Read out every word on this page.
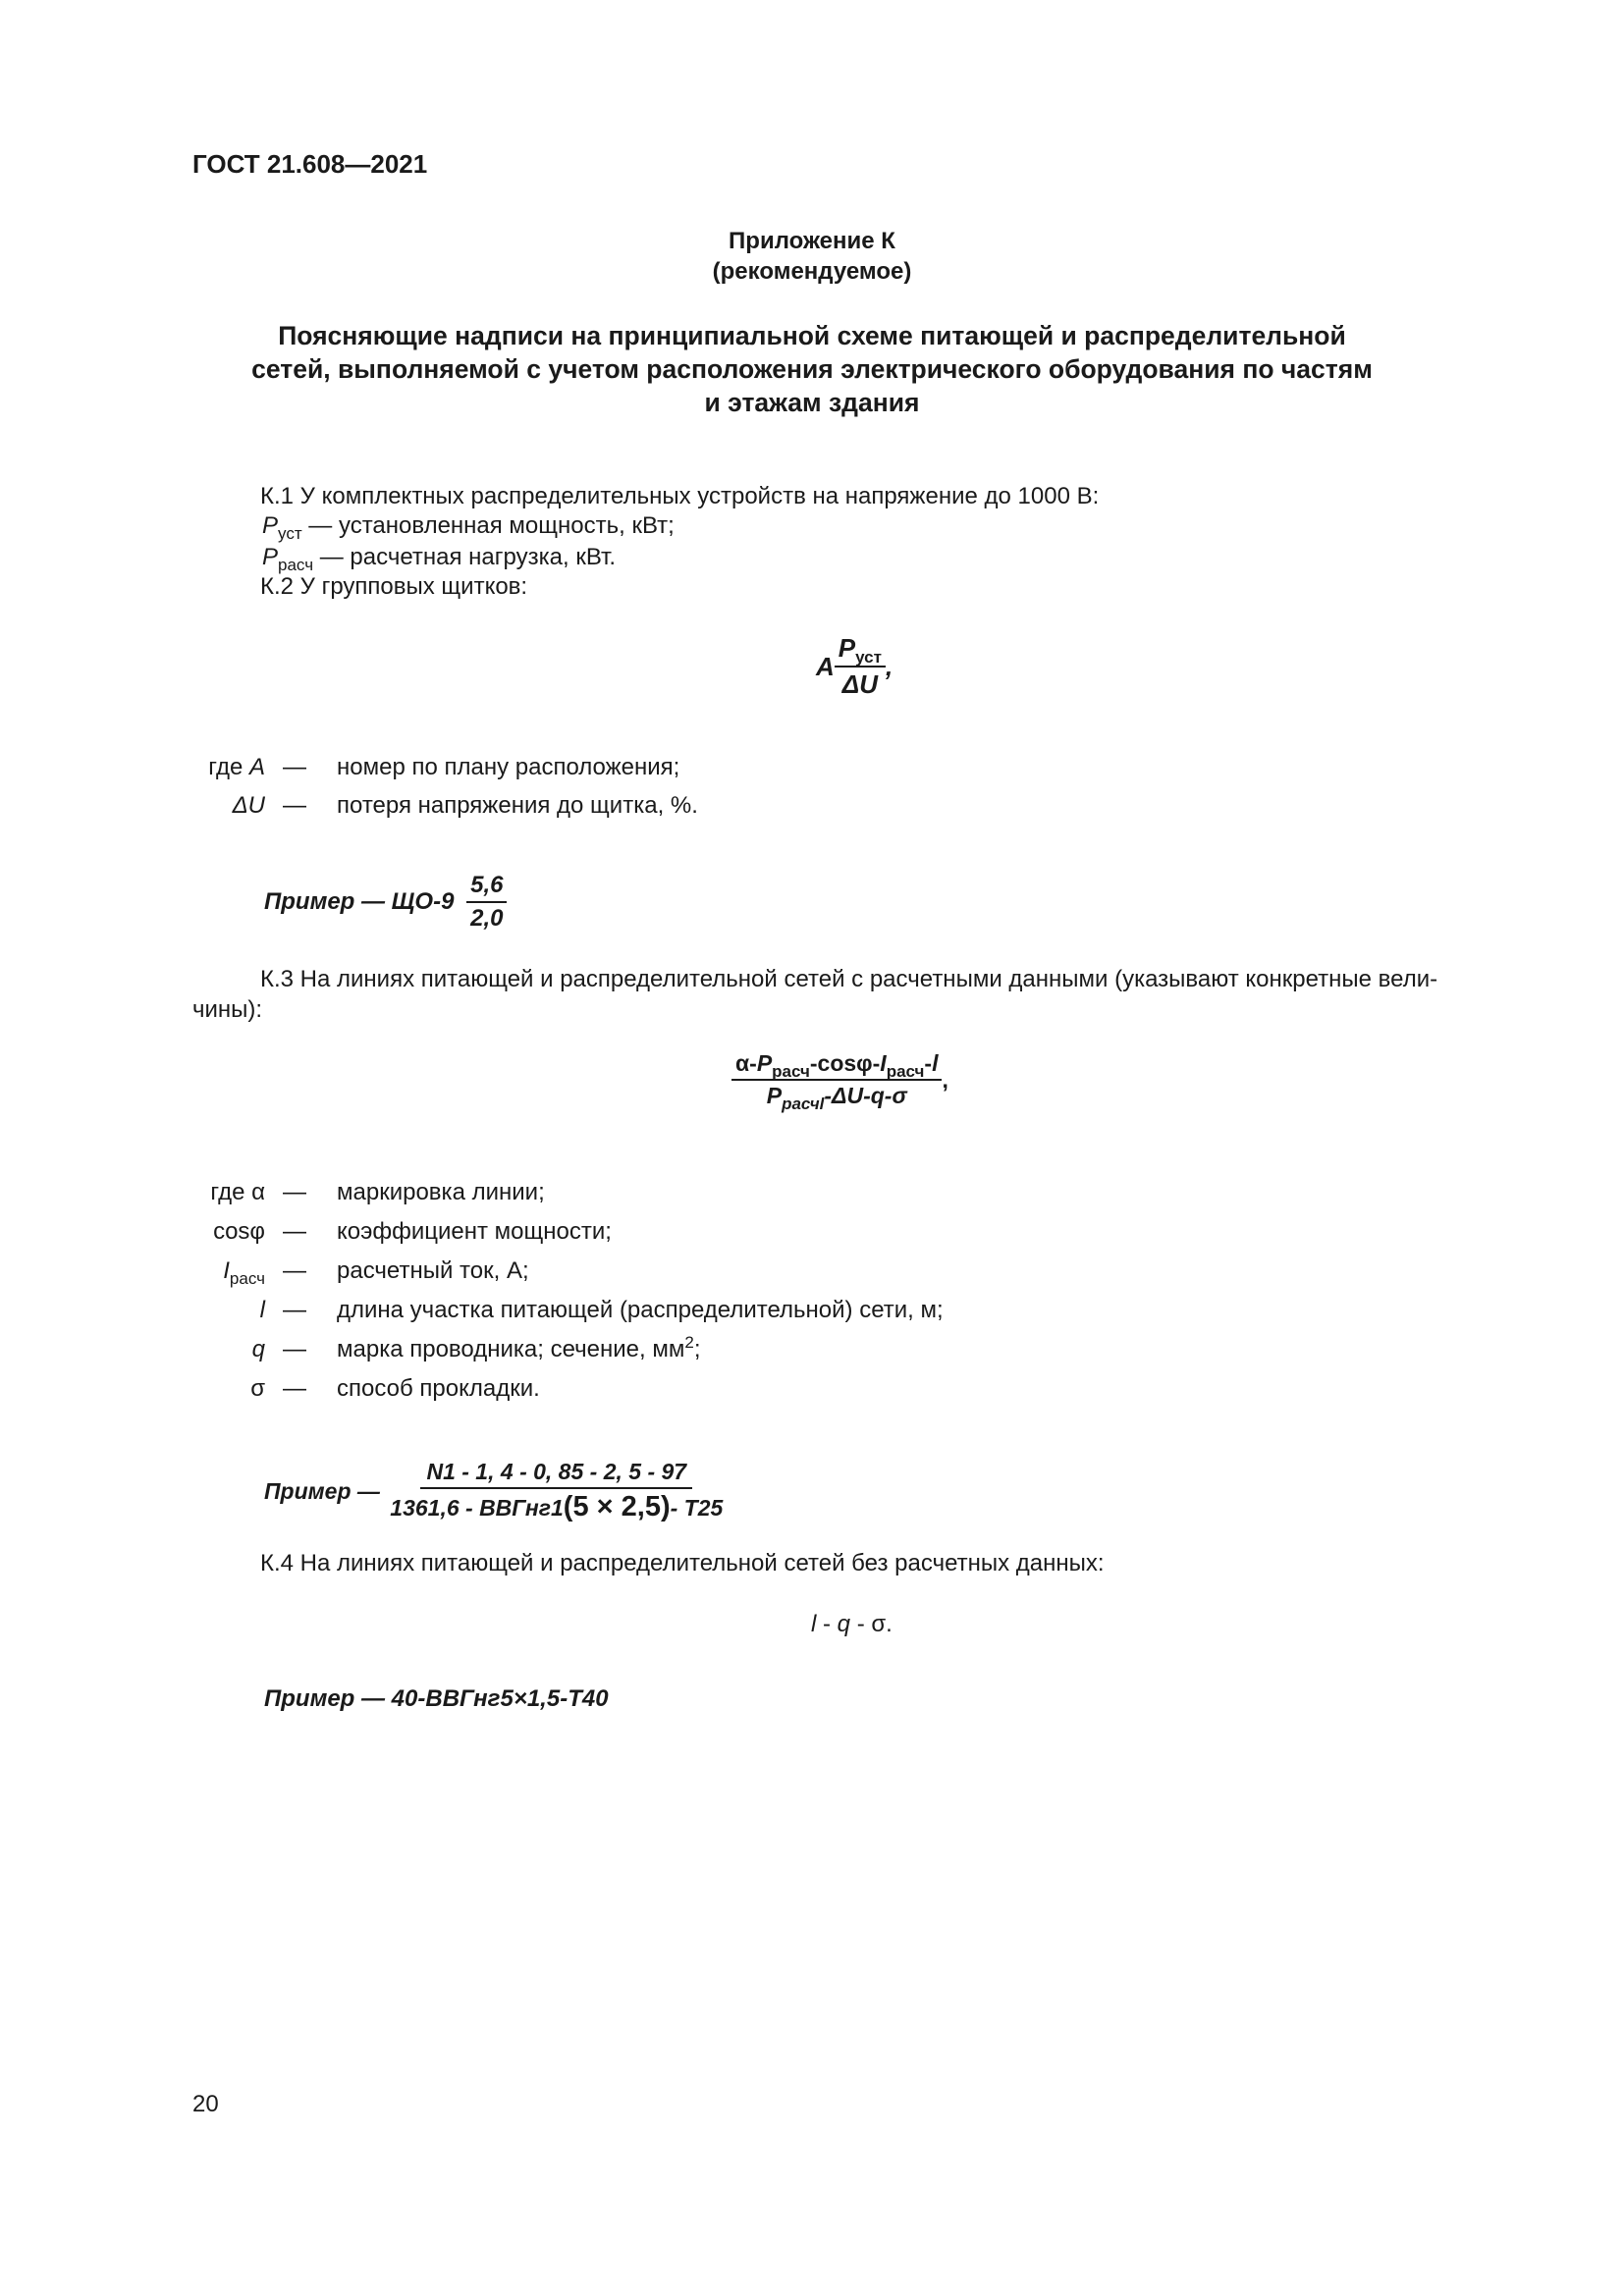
ГОСТ 21.608—2021
Приложение К
(рекомендуемое)
Поясняющие надписи на принципиальной схеме питающей и распределительной
сетей, выполняемой с учетом расположения электрического оборудования по частям
и этажам здания
К.1 У комплектных распределительных устройств на напряжение до 1000 В:
$P_{уст}$ — установленная мощность, кВт;
$P_{расч}$ — расчетная нагрузка, кВт.
К.2 У групповых щитков:
A $\frac{P_{уст}}{\Delta U}$ ,
где A — номер по плану расположения;
ΔU — потеря напряжения до щитка, %.
Пример — $ЩО-9 \frac{5,6}{2,0}$
К.3 На линиях питающей и распределительной сетей с расчетными данными (указывают конкретные вели-
чины):
$\frac{\alpha-P_{расч}-\cos\varphi-I_{расч}-l}{P_{расчl}-\Delta U-q-\sigma}$ ,
где α — маркировка линии;
cosφ — коэффициент мощности;
$I_{расч}$ — расчетный ток, А;
l — длина участка питающей (распределительной) сети, м;
q — марка проводника; сечение, $мм^2$;
σ — способ прокладки.
Пример — $\frac{N1 - 1, 4 - 0, 85 - 2, 5 - 97}{\text{1361,6 - ВВГнг1(5 × 2,5)- Т25}}$
К.4 На линиях питающей и распределительной сетей без расчетных данных:
l - q - σ.
Пример — 40-ВВГнг5×1,5-Т40
20
